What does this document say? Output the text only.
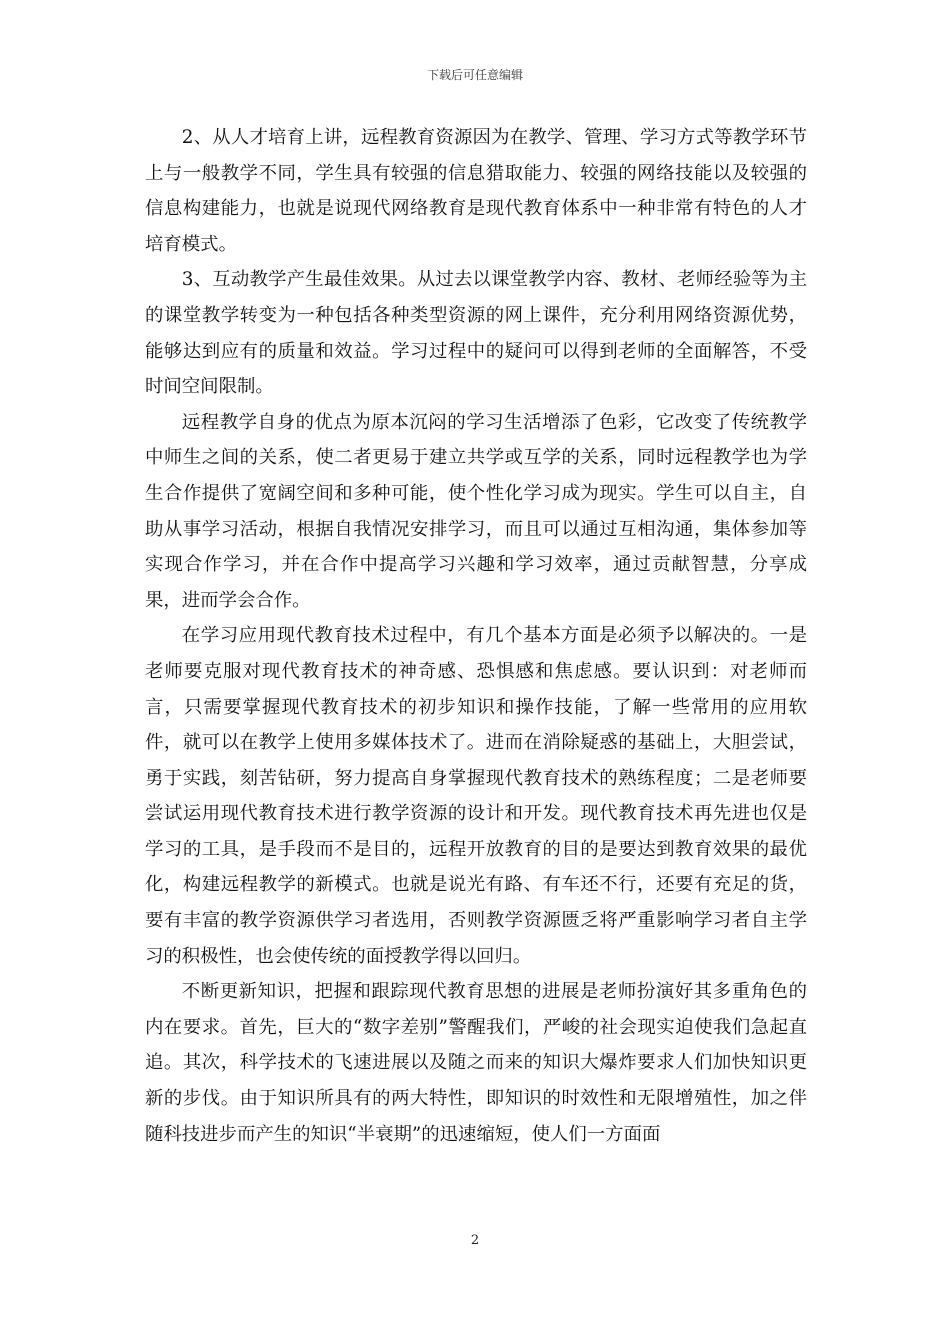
下载后可任意编辑

2、从人才培育上讲，远程教育资源因为在教学、管理、学习方式等教学环节上与一般教学不同，学生具有较强的信息猎取能力、较强的网络技能以及较强的信息构建能力，也就是说现代网络教育是现代教育体系中一种非常有特色的人才培育模式。

3、互动教学产生最佳效果。从过去以课堂教学内容、教材、老师经验等为主的课堂教学转变为一种包括各种类型资源的网上课件，充分利用网络资源优势，能够达到应有的质量和效益。学习过程中的疑问可以得到老师的全面解答，不受时间空间限制。

远程教学自身的优点为原本沉闷的学习生活增添了色彩，它改变了传统教学中师生之间的关系，使二者更易于建立共学或互学的关系，同时远程教学也为学生合作提供了宽阔空间和多种可能，使个性化学习成为现实。学生可以自主，自助从事学习活动，根据自我情况安排学习，而且可以通过互相沟通，集体参加等实现合作学习，并在合作中提高学习兴趣和学习效率，通过贡献智慧，分享成果，进而学会合作。

在学习应用现代教育技术过程中，有几个基本方面是必须予以解决的。一是老师要克服对现代教育技术的神奇感、恐惧感和焦虑感。要认识到：对老师而言，只需要掌握现代教育技术的初步知识和操作技能，了解一些常用的应用软件，就可以在教学上使用多媒体技术了。进而在消除疑惑的基础上，大胆尝试，勇于实践，刻苦钻研，努力提高自身掌握现代教育技术的熟练程度；二是老师要尝试运用现代教育技术进行教学资源的设计和开发。现代教育技术再先进也仅是学习的工具，是手段而不是目的，远程开放教育的目的是要达到教育效果的最优化，构建远程教学的新模式。也就是说光有路、有车还不行，还要有充足的货，要有丰富的教学资源供学习者选用，否则教学资源匮乏将严重影响学习者自主学习的积极性，也会使传统的面授教学得以回归。

不断更新知识，把握和跟踪现代教育思想的进展是老师扮演好其多重角色的内在要求。首先，巨大的“数字差别”警醒我们，严峻的社会现实迫使我们急起直追。其次，科学技术的飞速进展以及随之而来的知识大爆炸要求人们加快知识更新的步伐。由于知识所具有的两大特性，即知识的时效性和无限增殖性，加之伴随科技进步而产生的知识“半衰期”的迅速缩短，使人们一方面面

2
